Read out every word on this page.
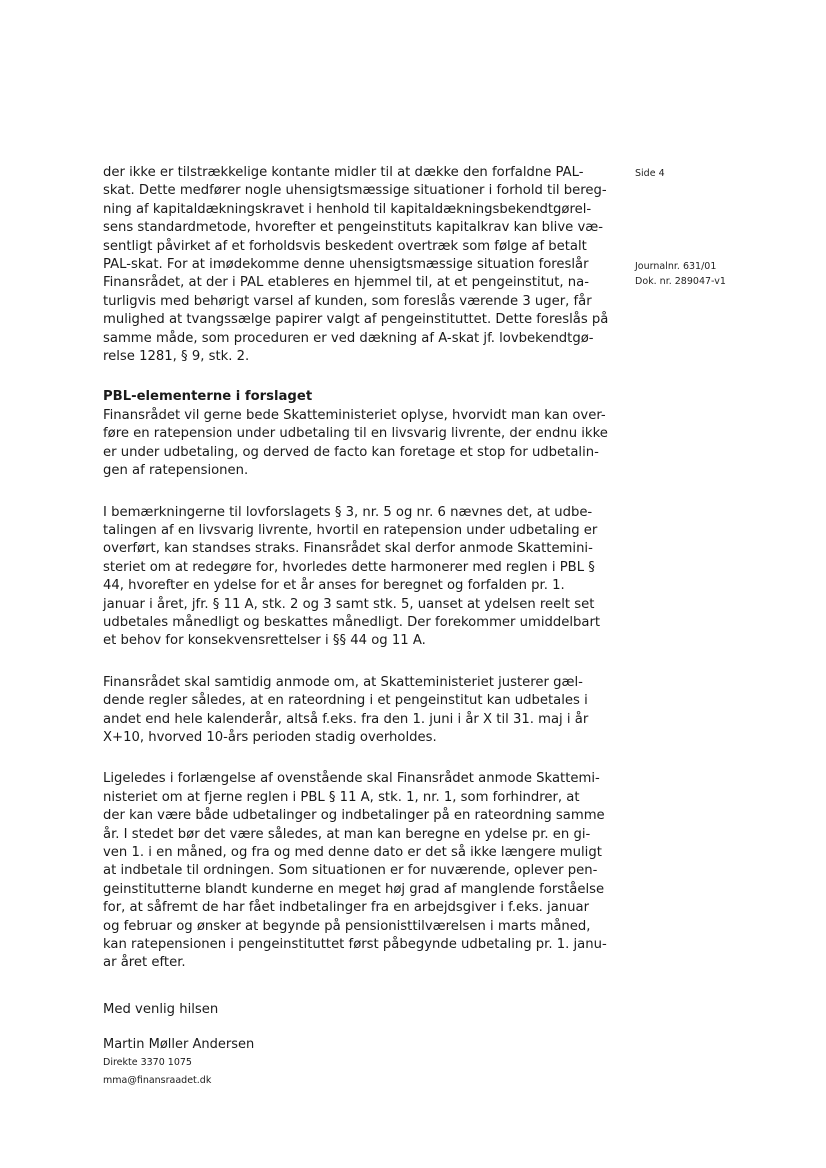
Side 4
Journalnr. 631/01
Dok. nr. 289047-v1

der ikke er tilstrækkelige kontante midler til at dække den forfaldne PAL-
skat. Dette medfører nogle uhensigtsmæssige situationer i forhold til bereg-
ning af kapitaldækningskravet i henhold til kapitaldækningsbekendtgørel-
sens standardmetode, hvorefter et pengeinstituts kapitalkrav kan blive væ-
sentligt påvirket af et forholdsvis beskedent overtræk som følge af betalt
PAL-skat. For at imødekomme denne uhensigtsmæssige situation foreslår
Finansrådet, at der i PAL etableres en hjemmel til, at et pengeinstitut, na-
turligvis med behørigt varsel af kunden, som foreslås værende 3 uger, får
mulighed at tvangssælge papirer valgt af pengeinstituttet. Dette foreslås på
samme måde, som proceduren er ved dækning af A-skat jf. lovbekendtgø-
relse 1281, § 9, stk. 2.

PBL-elementerne i forslaget

Finansrådet vil gerne bede Skatteministeriet oplyse, hvorvidt man kan over-
føre en ratepension under udbetaling til en livsvarig livrente, der endnu ikke
er under udbetaling, og derved de facto kan foretage et stop for udbetalin-
gen af ratepensionen.

I bemærkningerne til lovforslagets § 3, nr. 5 og nr. 6 nævnes det, at udbe-
talingen af en livsvarig livrente, hvortil en ratepension under udbetaling er
overført, kan standses straks. Finansrådet skal derfor anmode Skattemini-
steriet om at redegøre for, hvorledes dette harmonerer med reglen i PBL §
44, hvorefter en ydelse for et år anses for beregnet og forfalden pr. 1.
januar i året, jfr. § 11 A, stk. 2 og 3 samt stk. 5, uanset at ydelsen reelt set
udbetales månedligt og beskattes månedligt. Der forekommer umiddelbart
et behov for konsekvensrettelser i §§ 44 og 11 A.

Finansrådet skal samtidig anmode om, at Skatteministeriet justerer gæl-
dende regler således, at en rateordning i et pengeinstitut kan udbetales i
andet end hele kalenderår, altså f.eks. fra den 1. juni i år X til 31. maj i år
X+10, hvorved 10-års perioden stadig overholdes.

Ligeledes i forlængelse af ovenstående skal Finansrådet anmode Skattemi-
nisteriet om at fjerne reglen i PBL § 11 A, stk. 1, nr. 1, som forhindrer, at
der kan være både udbetalinger og indbetalinger på en rateordning samme
år. I stedet bør det være således, at man kan beregne en ydelse pr. en gi-
ven 1. i en måned, og fra og med denne dato er det så ikke længere muligt
at indbetale til ordningen. Som situationen er for nuværende, oplever pen-
geinstitutterne blandt kunderne en meget høj grad af manglende forståelse
for, at såfremt de har fået indbetalinger fra en arbejdsgiver i f.eks. januar
og februar og ønsker at begynde på pensionisttilværelsen i marts måned,
kan ratepensionen i pengeinstituttet først påbegynde udbetaling pr. 1. janu-
ar året efter.

Med venlig hilsen

Martin Møller Andersen

Direkte 3370 1075

mma@finansraadet.dk
